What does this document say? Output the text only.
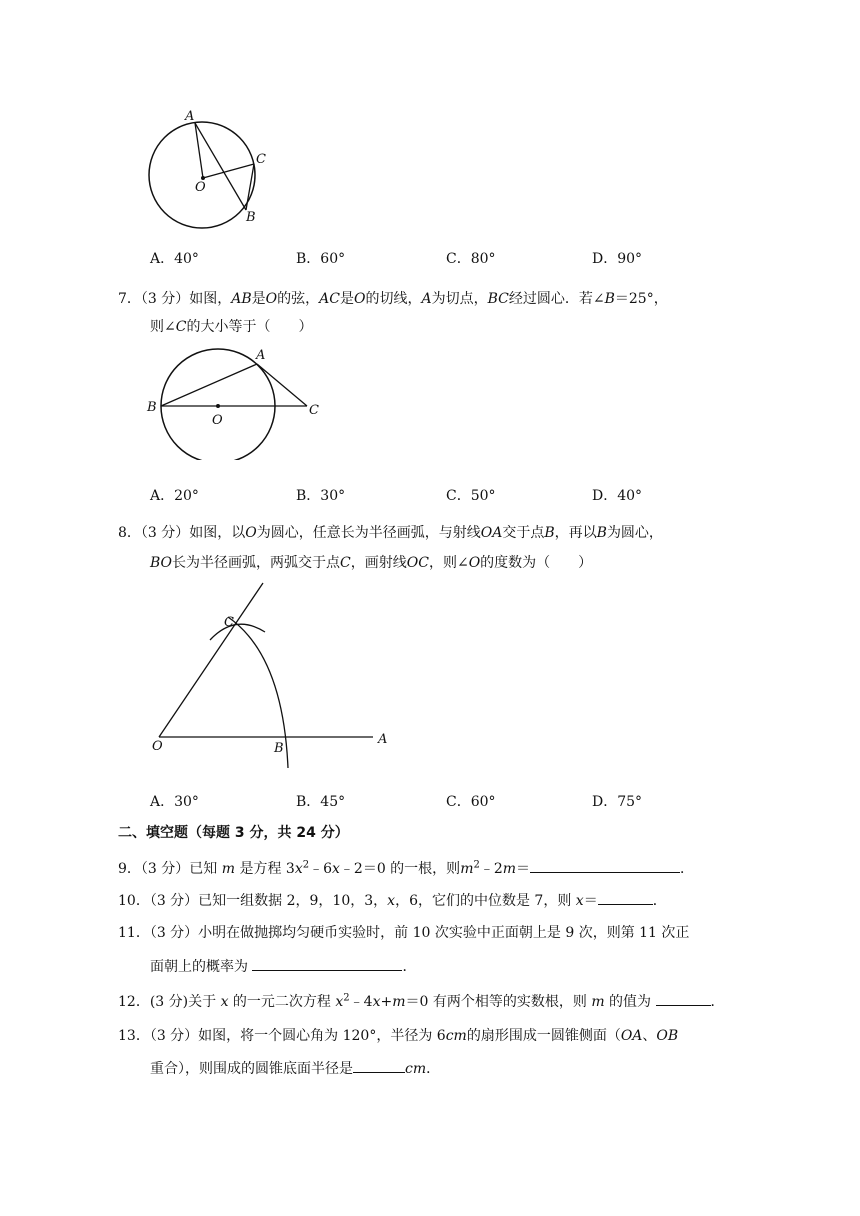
A
O
C
B
A．40°	B．60°	C．80°	D．90°
7．（3 分）如图，AB是O的弦，AC是O的切线，A为切点，BC经过圆心．若∠B＝25°，
则∠C的大小等于（　　）
A
B
O
C
A．20°	B．30°	C．50°	D．40°
8．（3 分）如图，以O为圆心，任意长为半径画弧，与射线OA交于点B，再以B为圆心，
BO长为半径画弧，两弧交于点C，画射线OC，则∠O的度数为（　　）
C
O	B
A
A．30°	B．45°	C．60°	D．75°
二、填空题（每题 3 分，共 24 分）
9．（3 分）已知 m 是方程 $3x^2﹣6x﹣2=0$ 的一根，则$m^2﹣2m=$	．
10．（3 分）已知一组数据 2，9，10，3，x，6，它们的中位数是 7，则 x＝	．
11．（3 分）小明在做抛掷均匀硬币实验时，前 10 次实验中正面朝上是 9 次，则第 11 次正
面朝上的概率为	．
12．(3 分)关于 x 的一元二次方程 $x^2﹣4x+m=0$ 有两个相等的实数根，则 m 的值为	．
13．（3 分）如图，将一个圆心角为 120°，半径为 6cm的扇形围成一圆锥侧面（OA、OB
重合），则围成的圆锥底面半径是	cm．
